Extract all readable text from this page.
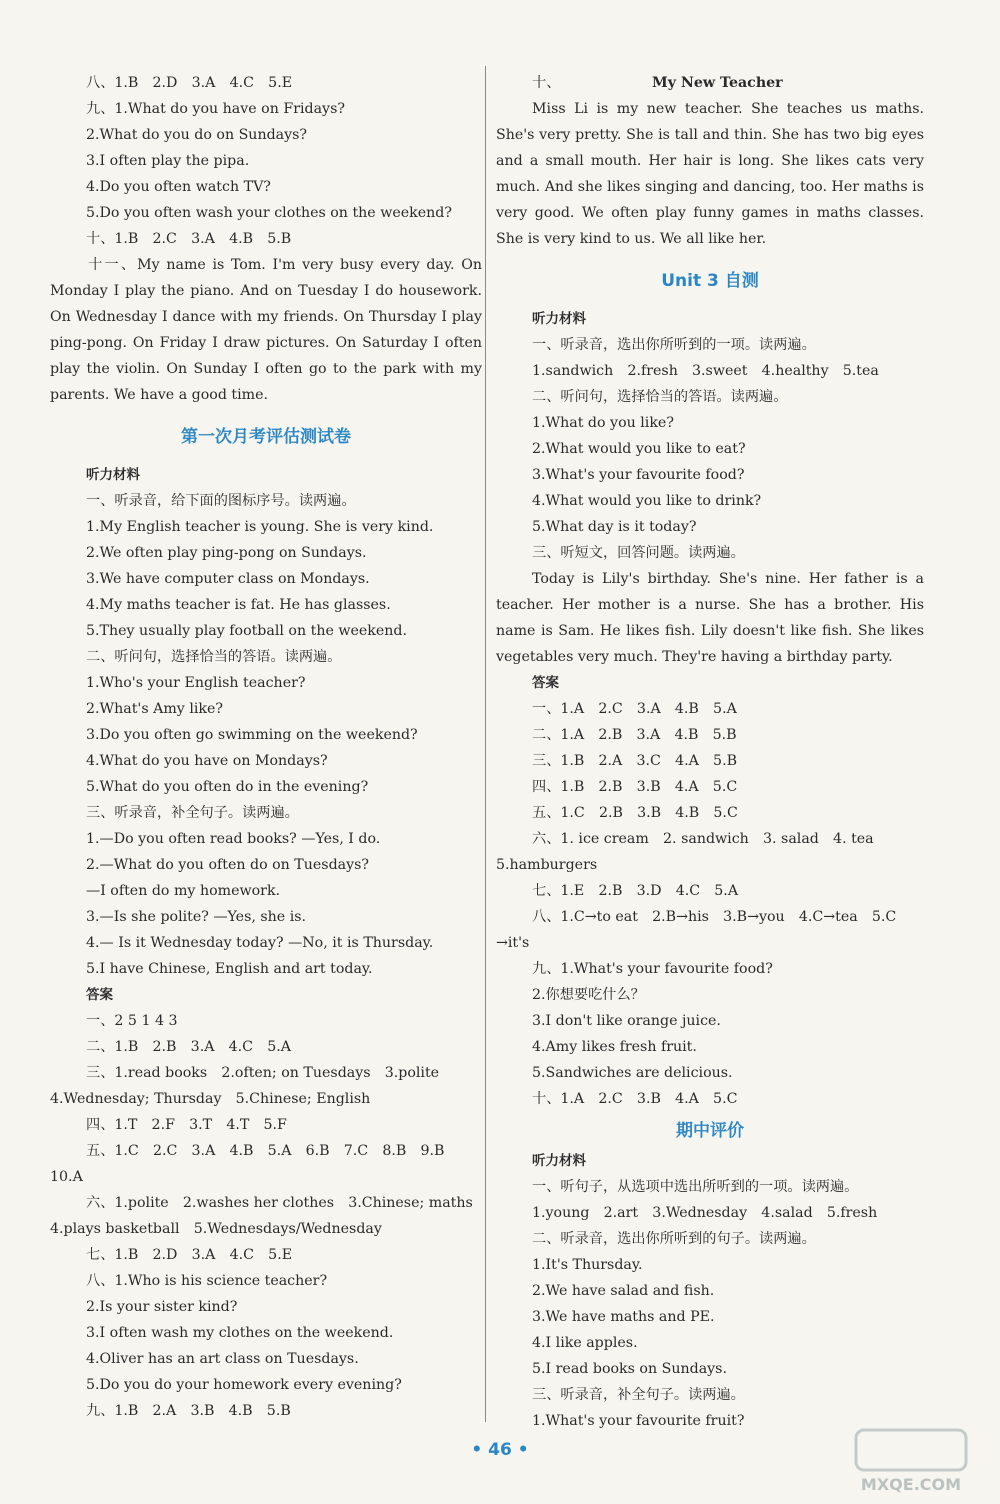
八、1.B　2.D　3.A　4.C　5.E
九、1.What do you have on Fridays?
2.What do you do on Sundays?
3.I often play the pipa.
4.Do you often watch TV?
5.Do you often wash your clothes on the weekend?
十、1.B　2.C　3.A　4.B　5.B
十一、My name is Tom. I'm very busy every day. On Monday I play the piano. And on Tuesday I do housework. On Wednesday I dance with my friends. On Thursday I play ping-pong. On Friday I draw pictures. On Saturday I often play the violin. On Sunday I often go to the park with my parents. We have a good time.
第一次月考评估测试卷
听力材料
一、听录音，给下面的图标序号。读两遍。
1.My English teacher is young. She is very kind.
2.We often play ping-pong on Sundays.
3.We have computer class on Mondays.
4.My maths teacher is fat. He has glasses.
5.They usually play football on the weekend.
二、听问句，选择恰当的答语。读两遍。
1.Who's your English teacher?
2.What's Amy like?
3.Do you often go swimming on the weekend?
4.What do you have on Mondays?
5.What do you often do in the evening?
三、听录音，补全句子。读两遍。
1.—Do you often read books? —Yes, I do.
2.—What do you often do on Tuesdays?
—I often do my homework.
3.—Is she polite? —Yes, she is.
4.— Is it Wednesday today? —No, it is Thursday.
5.I have Chinese, English and art today.
答案
一、2 5 1 4 3
二、1.B　2.B　3.A　4.C　5.A
三、1.read books　2.often; on Tuesdays　3.polite
4.Wednesday; Thursday　5.Chinese; English
四、1.T　2.F　3.T　4.T　5.F
五、1.C　2.C　3.A　4.B　5.A　6.B　7.C　8.B　9.B
10.A
六、1.polite　2.washes her clothes　3.Chinese; maths
4.plays basketball　5.Wednesdays/Wednesday
七、1.B　2.D　3.A　4.C　5.E
八、1.Who is his science teacher?
2.Is your sister kind?
3.I often wash my clothes on the weekend.
4.Oliver has an art class on Tuesdays.
5.Do you do your homework every evening?
九、1.B　2.A　3.B　4.B　5.B
十、	My New Teacher
Miss Li is my new teacher. She teaches us maths. She's very pretty. She is tall and thin. She has two big eyes and a small mouth. Her hair is long. She likes cats very much. And she likes singing and dancing, too. Her maths is very good. We often play funny games in maths classes. She is very kind to us. We all like her.
Unit 3 自测
听力材料
一、听录音，选出你所听到的一项。读两遍。
1.sandwich　2.fresh　3.sweet　4.healthy　5.tea
二、听问句，选择恰当的答语。读两遍。
1.What do you like?
2.What would you like to eat?
3.What's your favourite food?
4.What would you like to drink?
5.What day is it today?
三、听短文，回答问题。读两遍。
Today is Lily's birthday. She's nine. Her father is a teacher. Her mother is a nurse. She has a brother. His name is Sam. He likes fish. Lily doesn't like fish. She likes vegetables very much. They're having a birthday party.
答案
一、1.A　2.C　3.A　4.B　5.A
二、1.A　2.B　3.A　4.B　5.B
三、1.B　2.A　3.C　4.A　5.B
四、1.B　2.B　3.B　4.A　5.C
五、1.C　2.B　3.B　4.B　5.C
六、1. ice cream　2. sandwich　3. salad　4. tea
5.hamburgers
七、1.E　2.B　3.D　4.C　5.A
八、1.C→to eat　2.B→his　3.B→you　4.C→tea　5.C
→it's
九、1.What's your favourite food?
2.你想要吃什么？
3.I don't like orange juice.
4.Amy likes fresh fruit.
5.Sandwiches are delicious.
十、1.A　2.C　3.B　4.A　5.C
期中评价
听力材料
一、听句子，从选项中选出所听到的一项。读两遍。
1.young　2.art　3.Wednesday　4.salad　5.fresh
二、听录音，选出你所听到的句子。读两遍。
1.It's Thursday.
2.We have salad and fish.
3.We have maths and PE.
4.I like apples.
5.I read books on Sundays.
三、听录音，补全句子。读两遍。
1.What's your favourite fruit?
• 46 •
MXQE.COM
